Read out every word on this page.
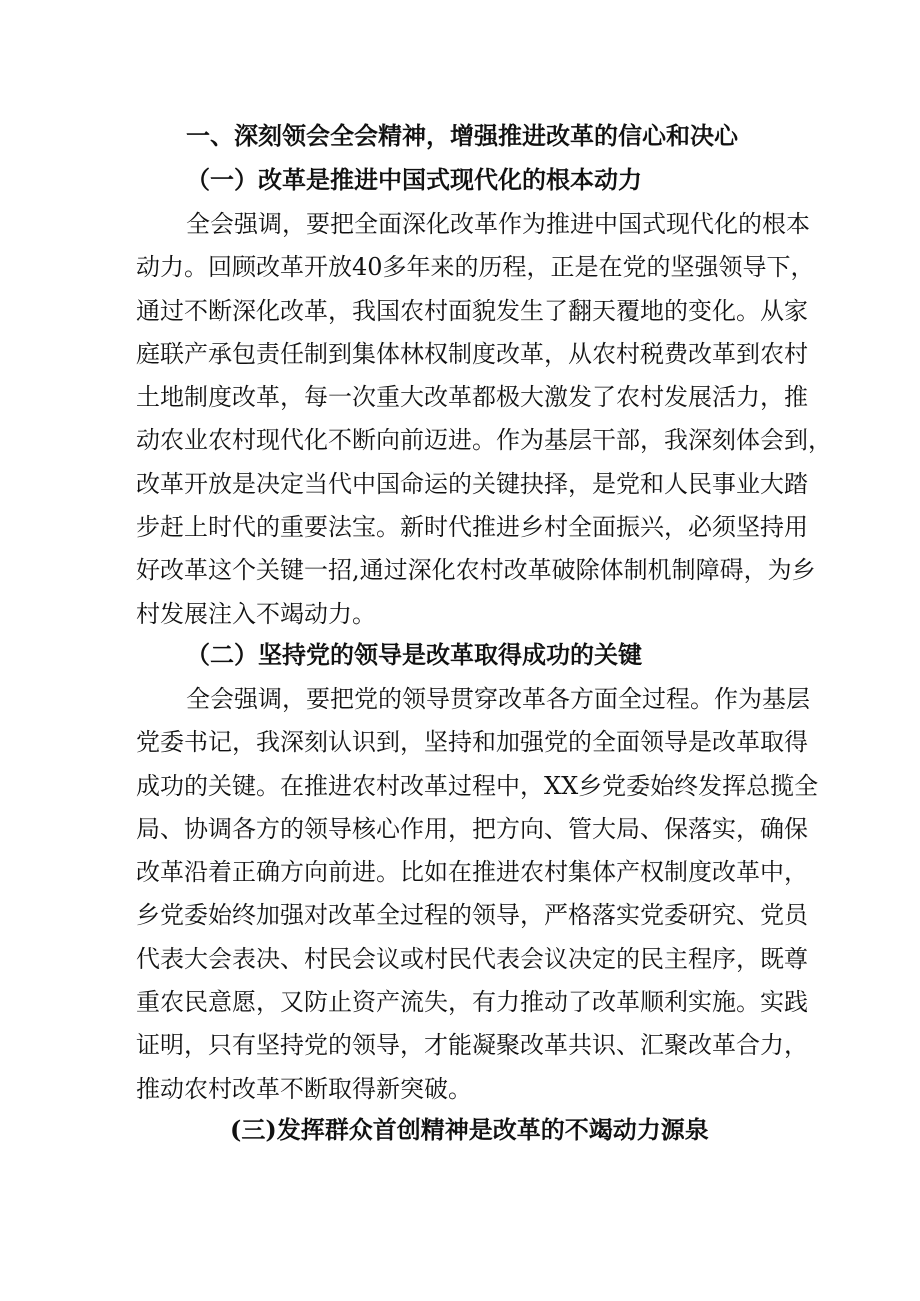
一、深刻领会全会精神，增强推进改革的信心和决心
（一）改革是推进中国式现代化的根本动力
全会强调，要把全面深化改革作为推进中国式现代化的根本
动力。回顾改革开放40多年来的历程，正是在党的坚强领导下，
通过不断深化改革，我国农村面貌发生了翻天覆地的变化。从家
庭联产承包责任制到集体林权制度改革，从农村税费改革到农村
土地制度改革，每一次重大改革都极大激发了农村发展活力，推
动农业农村现代化不断向前迈进。作为基层干部，我深刻体会到，
改革开放是决定当代中国命运的关键抉择，是党和人民事业大踏
步赶上时代的重要法宝。新时代推进乡村全面振兴，必须坚持用
好改革这个关键一招,通过深化农村改革破除体制机制障碍，为乡
村发展注入不竭动力。
（二）坚持党的领导是改革取得成功的关键
全会强调，要把党的领导贯穿改革各方面全过程。作为基层
党委书记，我深刻认识到，坚持和加强党的全面领导是改革取得
成功的关键。在推进农村改革过程中，XX乡党委始终发挥总揽全
局、协调各方的领导核心作用，把方向、管大局、保落实，确保
改革沿着正确方向前进。比如在推进农村集体产权制度改革中，
乡党委始终加强对改革全过程的领导，严格落实党委研究、党员
代表大会表决、村民会议或村民代表会议决定的民主程序，既尊
重农民意愿，又防止资产流失，有力推动了改革顺利实施。实践
证明，只有坚持党的领导，才能凝聚改革共识、汇聚改革合力，
推动农村改革不断取得新突破。
(三)发挥群众首创精神是改革的不竭动力源泉
